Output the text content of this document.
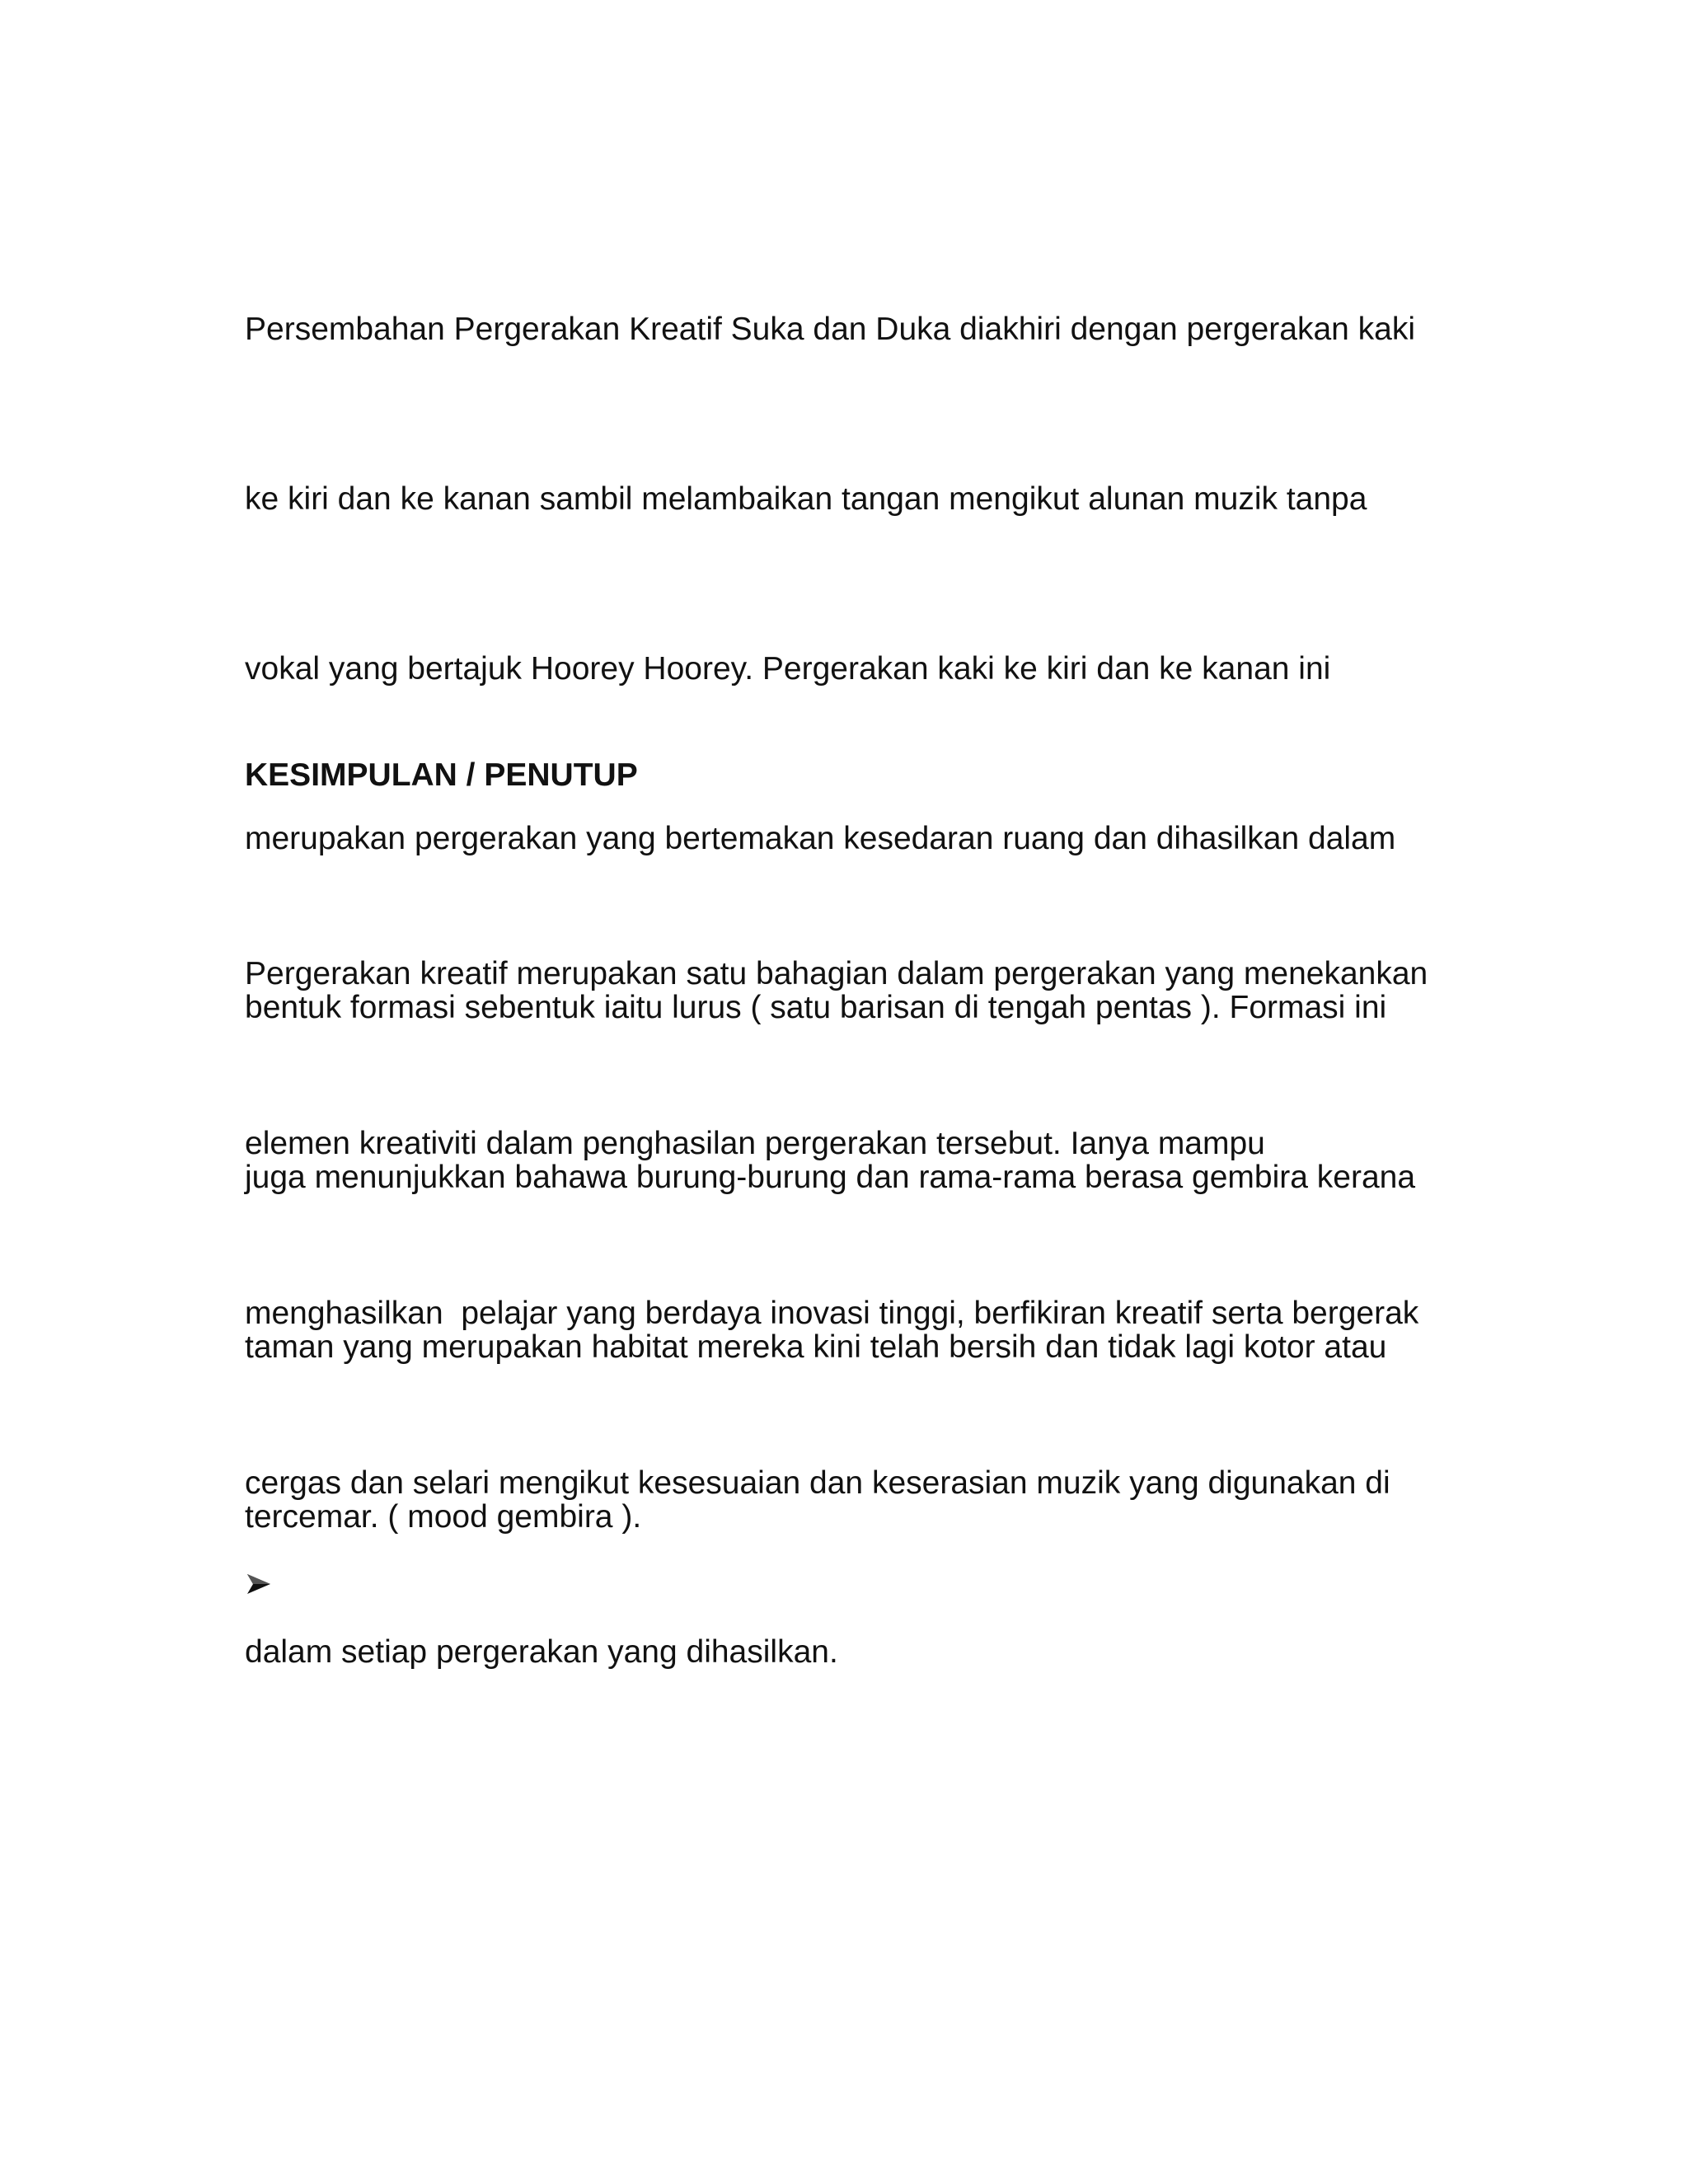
Persembahan Pergerakan Kreatif Suka dan Duka diakhiri dengan pergerakan kaki

ke kiri dan ke kanan sambil melambaikan tangan mengikut alunan muzik tanpa

vokal yang bertajuk Hoorey Hoorey. Pergerakan kaki ke kiri dan ke kanan ini

merupakan pergerakan yang bertemakan kesedaran ruang dan dihasilkan dalam

bentuk formasi sebentuk iaitu lurus ( satu barisan di tengah pentas ). Formasi ini

juga menunjukkan bahawa burung-burung dan rama-rama berasa gembira kerana

taman yang merupakan habitat mereka kini telah bersih dan tidak lagi kotor atau

tercemar. ( mood gembira ).

KESIMPULAN / PENUTUP

Pergerakan kreatif merupakan satu bahagian dalam pergerakan yang menekankan

elemen kreativiti dalam penghasilan pergerakan tersebut. Ianya mampu

menghasilkan  pelajar yang berdaya inovasi tinggi, berfikiran kreatif serta bergerak

cergas dan selari mengikut kesesuaian dan keserasian muzik yang digunakan di

dalam setiap pergerakan yang dihasilkan.
